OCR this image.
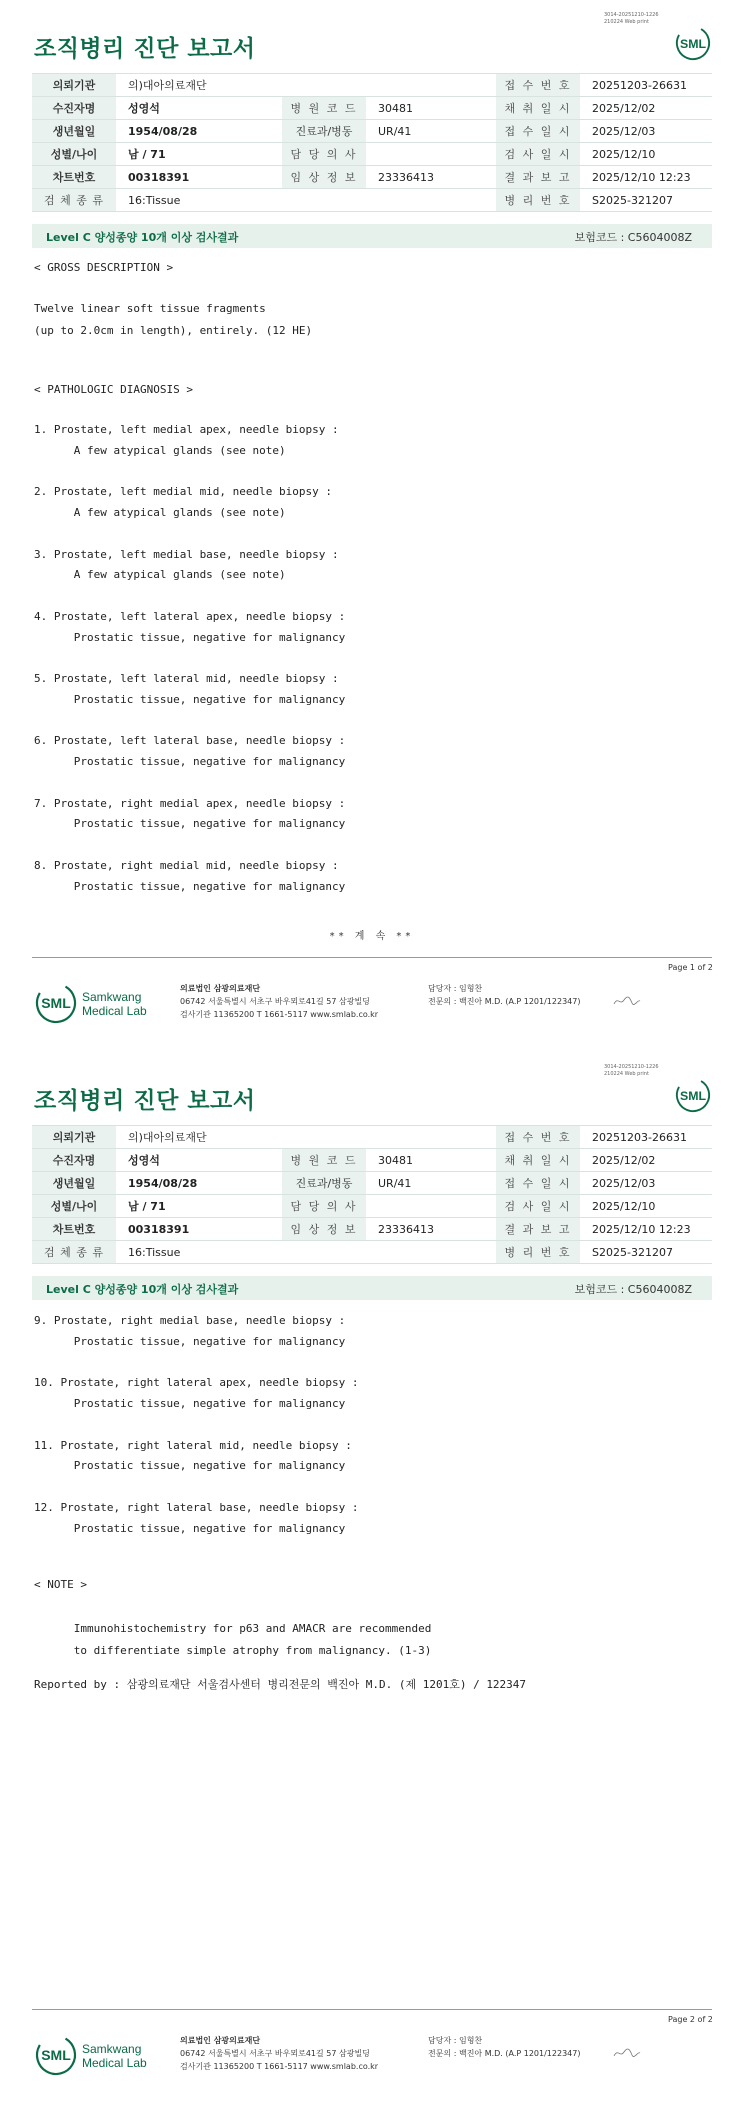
3014-20251210-1226
210224 Web print
조직병리 진단 보고서	SML
의뢰기관	의)대아의료재단			접 수 번 호	20251203-26631
수진자명	성영석	병 원 코 드	30481	채 취 일 시	2025/12/02
생년월일	1954/08/28	진료과/병동	UR/41	접 수 일 시	2025/12/03
성별/나이	남 / 71	담 당 의 사		검 사 일 시	2025/12/10
차트번호	00318391	임 상 정 보	23336413	결 과 보 고	2025/12/10 12:23
검 체 종 류	16:Tissue			병 리 번 호	S2025-321207
Level C 양성종양 10개 이상 검사결과	보험코드 : C5604008Z
< GROSS DESCRIPTION >
Twelve linear soft tissue fragments
(up to 2.0cm in length), entirely. (12 HE)
< PATHOLOGIC DIAGNOSIS >
1. Prostate, left medial apex, needle biopsy :
A few atypical glands (see note)

2. Prostate, left medial mid, needle biopsy :
A few atypical glands (see note)

3. Prostate, left medial base, needle biopsy :
A few atypical glands (see note)

4. Prostate, left lateral apex, needle biopsy :
Prostatic tissue, negative for malignancy

5. Prostate, left lateral mid, needle biopsy :
Prostatic tissue, negative for malignancy

6. Prostate, left lateral base, needle biopsy :
Prostatic tissue, negative for malignancy

7. Prostate, right medial apex, needle biopsy :
Prostatic tissue, negative for malignancy

8. Prostate, right medial mid, needle biopsy :
Prostatic tissue, negative for malignancy
** 계 속 **
Page 1 of 2
SML Samkwang
Medical Lab
의료법인 삼광의료재단
06742 서울특별시 서초구 바우뫼로41길 57 삼광빌딩
검사기관 11365200 T 1661-5117 www.smlab.co.kr
담당자 : 임형찬
전문의 : 백진아 M.D. (A.P 1201/122347)
3014-20251210-1226
210224 Web print
조직병리 진단 보고서	SML
의뢰기관	의)대아의료재단			접 수 번 호	20251203-26631
수진자명	성영석	병 원 코 드	30481	채 취 일 시	2025/12/02
생년월일	1954/08/28	진료과/병동	UR/41	접 수 일 시	2025/12/03
성별/나이	남 / 71	담 당 의 사		검 사 일 시	2025/12/10
차트번호	00318391	임 상 정 보	23336413	결 과 보 고	2025/12/10 12:23
검 체 종 류	16:Tissue			병 리 번 호	S2025-321207
Level C 양성종양 10개 이상 검사결과	보험코드 : C5604008Z
9. Prostate, right medial base, needle biopsy :
Prostatic tissue, negative for malignancy

10. Prostate, right lateral apex, needle biopsy :
Prostatic tissue, negative for malignancy

11. Prostate, right lateral mid, needle biopsy :
Prostatic tissue, negative for malignancy

12. Prostate, right lateral base, needle biopsy :
Prostatic tissue, negative for malignancy
< NOTE >
Immunohistochemistry for p63 and AMACR are recommended
to differentiate simple atrophy from malignancy. (1-3)
Reported by : 삼광의료재단 서울검사센터 병리전문의 백진아 M.D. (제 1201호) / 122347
Page 2 of 2
SML Samkwang
Medical Lab
의료법인 삼광의료재단
06742 서울특별시 서초구 바우뫼로41길 57 삼광빌딩
검사기관 11365200 T 1661-5117 www.smlab.co.kr
담당자 : 임형찬
전문의 : 백진아 M.D. (A.P 1201/122347)
